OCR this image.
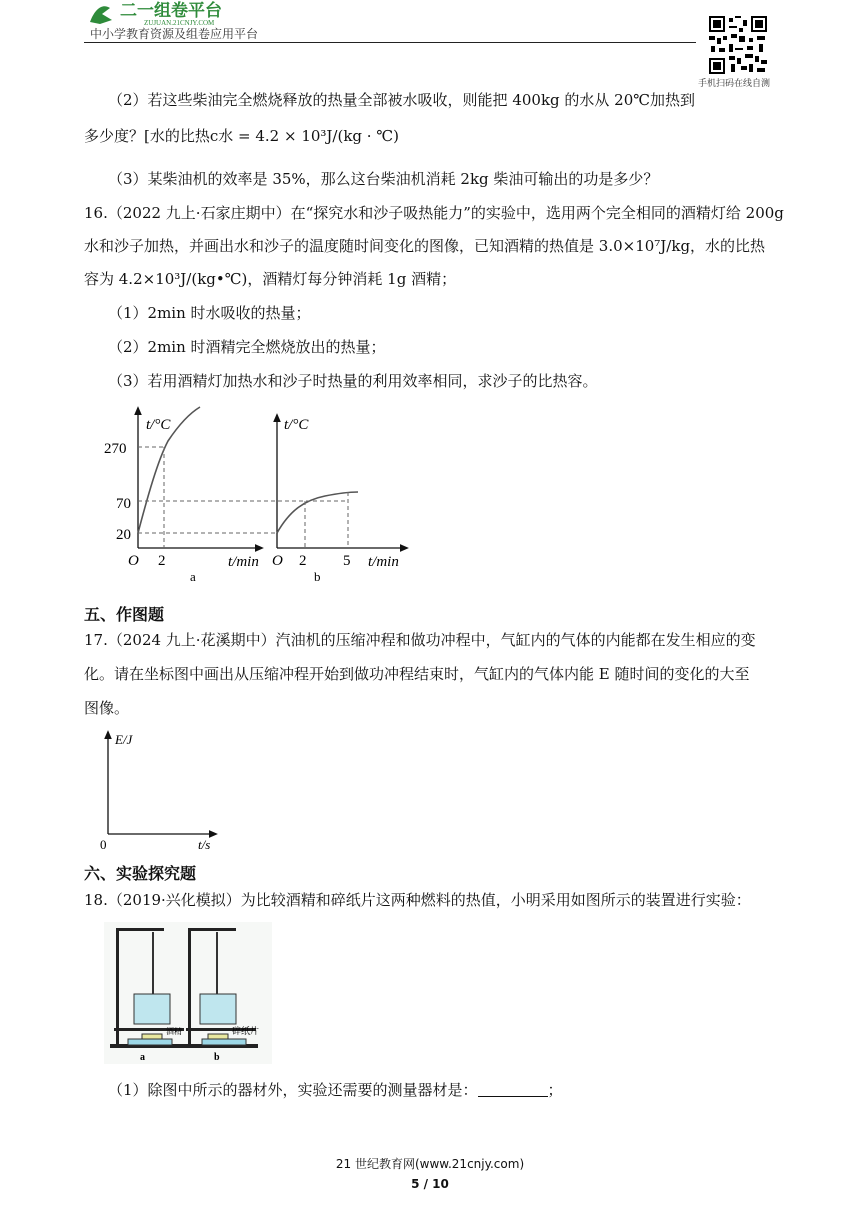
二一组卷平台
ZUJUAN.21CNJY.COM
中小学教育资源及组卷应用平台
手机扫码在线自测
（2）若这些柴油完全燃烧释放的热量全部被水吸收，则能把 400kg 的水从 20℃加热到
多少度？[水的比热c水 = 4.2 × 10³J/(kg · ℃)
（3）某柴油机的效率是 35%，那么这台柴油机消耗 2kg 柴油可输出的功是多少？
16.（2022 九上·石家庄期中）在“探究水和沙子吸热能力”的实验中，选用两个完全相同的酒精灯给 200g
水和沙子加热，并画出水和沙子的温度随时间变化的图像，已知酒精的热值是 3.0×10⁷J/kg，水的比热
容为 4.2×10³J/(kg•℃)，酒精灯每分钟消耗 1g 酒精；
（1）2min 时水吸收的热量；
（2）2min 时酒精完全燃烧放出的热量；
（3）若用酒精灯加热水和沙子时热量的利用效率相同，求沙子的比热容。
270
70
20
O 2
t/°C
t/min
a
O 2 5
t/°C
t/min
b
五、作图题
17.（2024 九上·花溪期中）汽油机的压缩冲程和做功冲程中，气缸内的气体的内能都在发生相应的变
化。请在坐标图中画出从压缩冲程开始到做功冲程结束时，气缸内的气体内能 E 随时间的变化的大至
图像。
E/J
0	t/s
六、实验探究题
18.（2019·兴化模拟）为比较酒精和碎纸片这两种燃料的热值，小明采用如图所示的装置进行实验：
酒精
a
碎纸片
b
（1）除图中所示的器材外，实验还需要的测量器材是：	；
21 世纪教育网(www.21cnjy.com)
5 / 10
